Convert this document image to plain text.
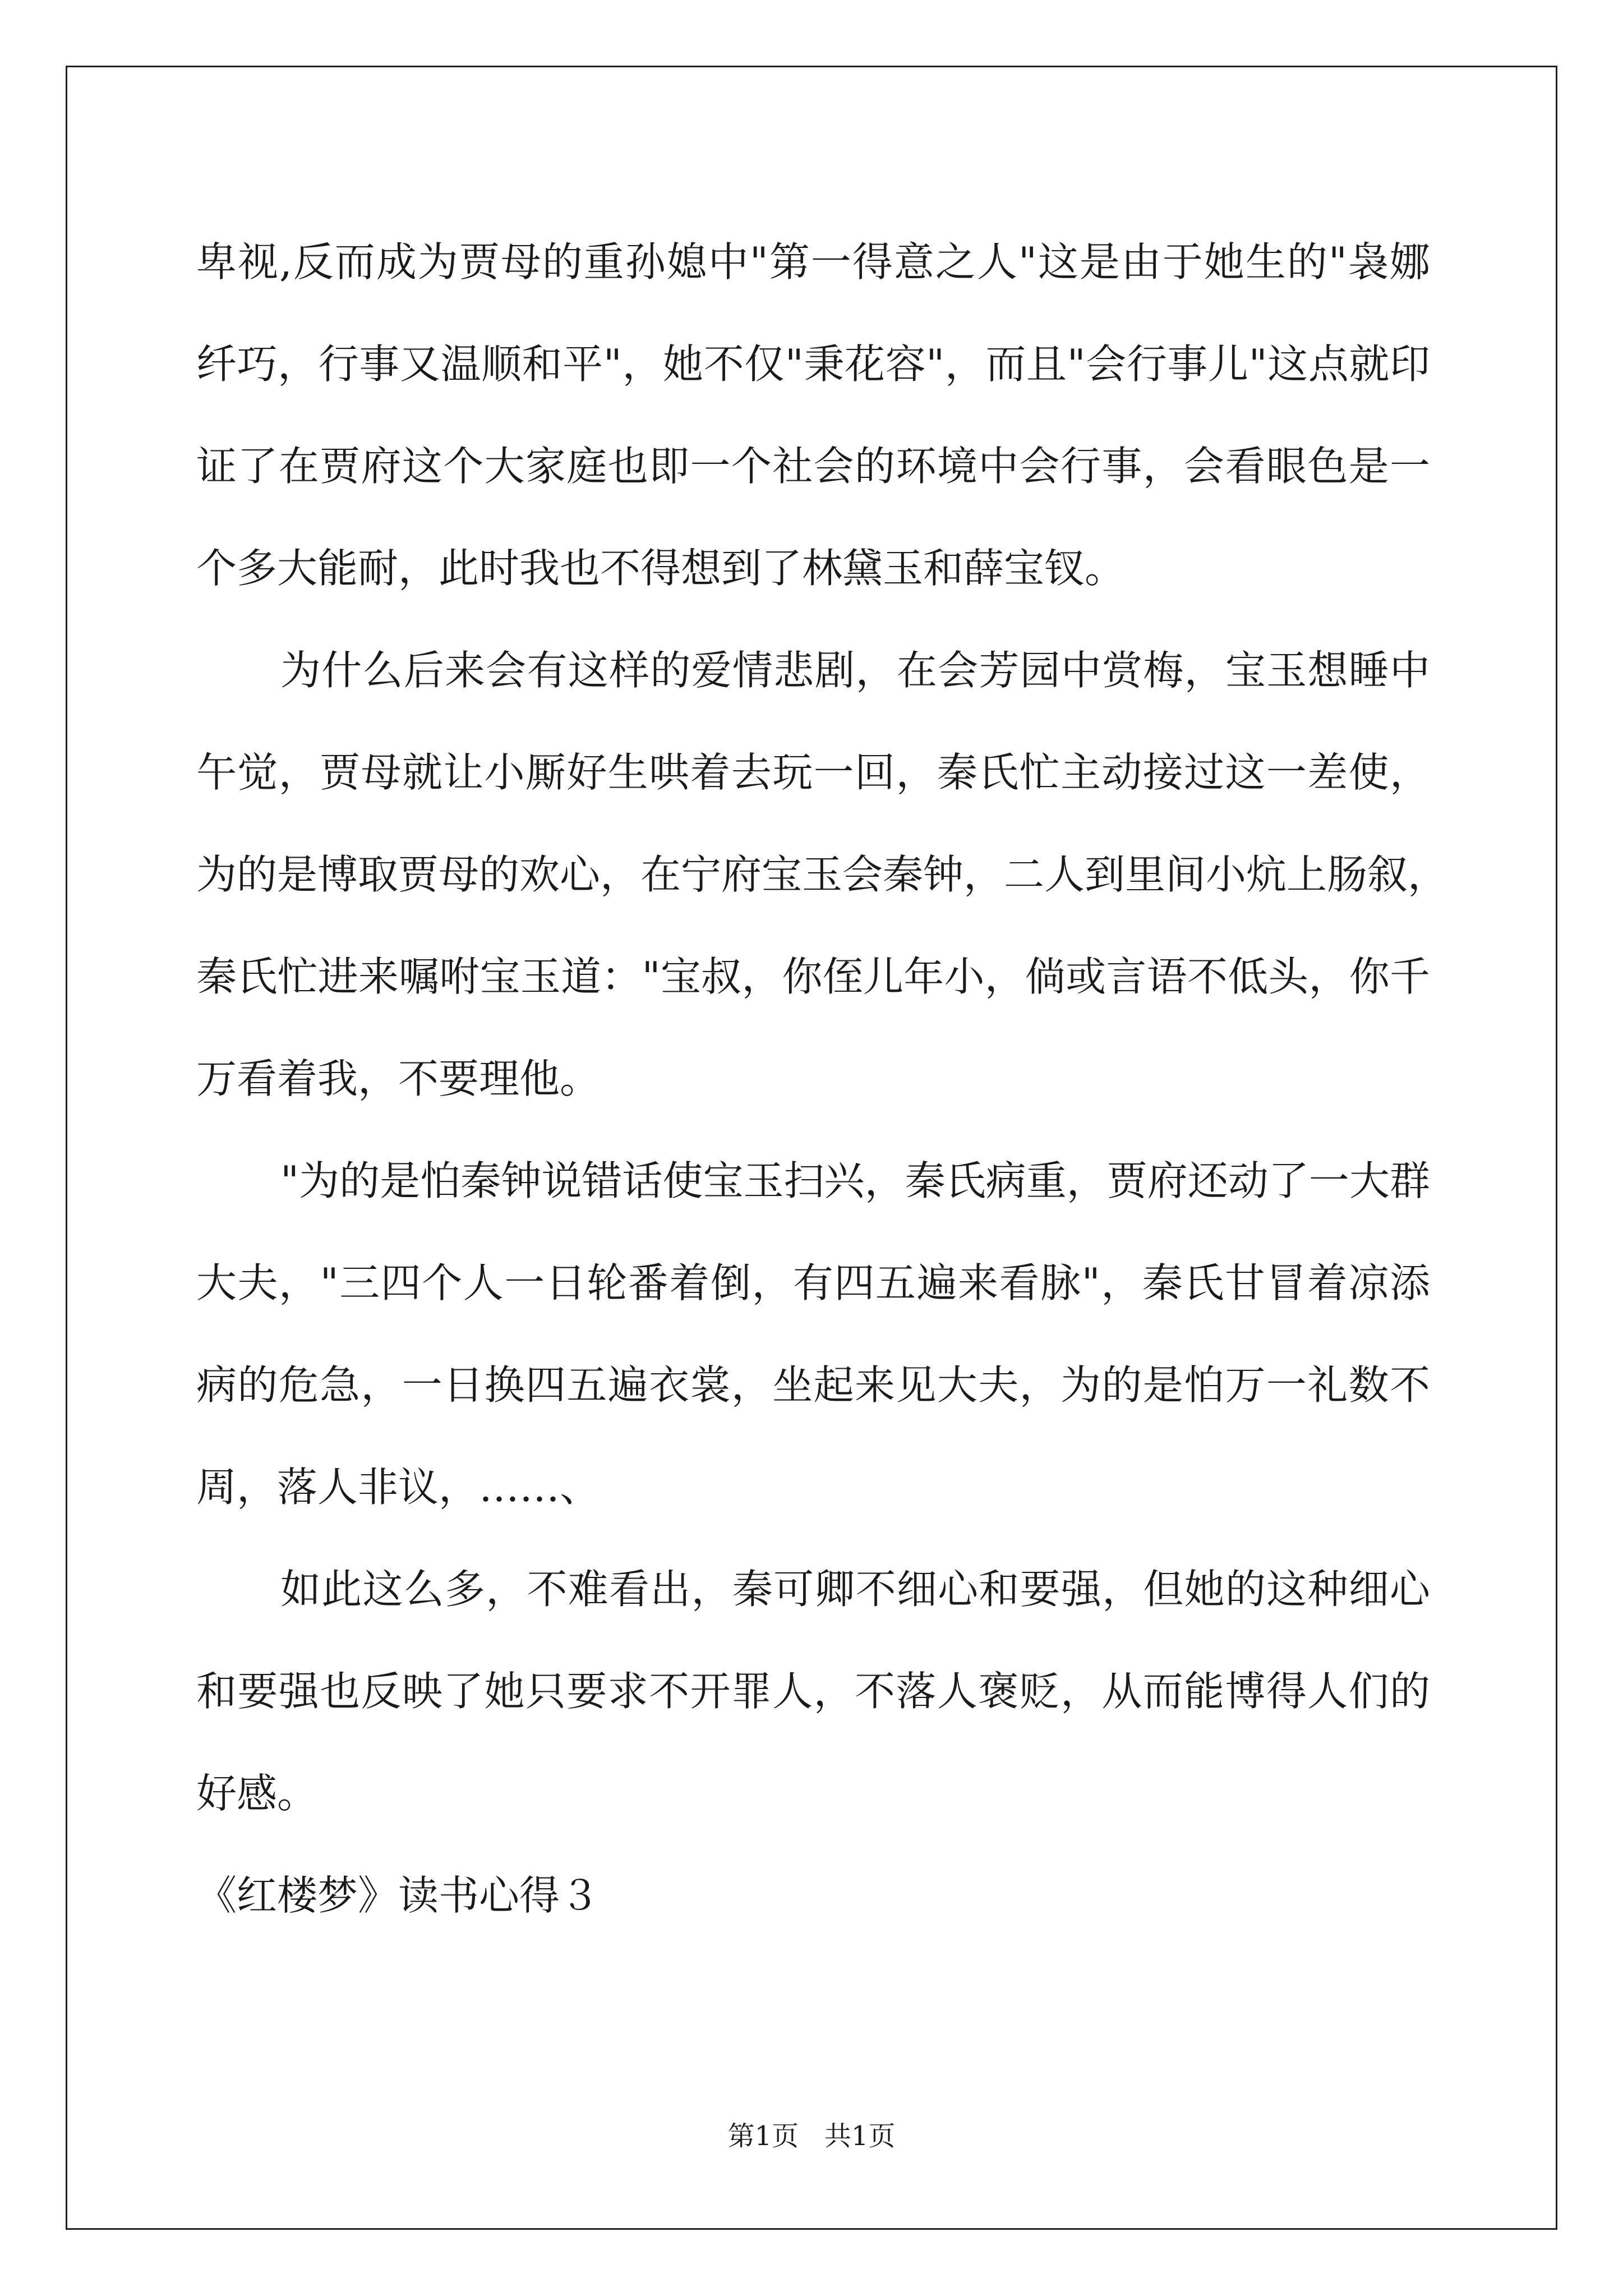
卑视,反而成为贾母的重孙媳中"第一得意之人"这是由于她生的"袅娜
纤巧，行事又温顺和平"，她不仅"秉花容"，而且"会行事儿"这点就印
证了在贾府这个大家庭也即一个社会的环境中会行事，会看眼色是一
个多大能耐，此时我也不得想到了林黛玉和薛宝钗。
为什么后来会有这样的爱情悲剧，在会芳园中赏梅，宝玉想睡中
午觉，贾母就让小厮好生哄着去玩一回，秦氏忙主动接过这一差使，
为的是博取贾母的欢心，在宁府宝玉会秦钟，二人到里间小炕上肠叙，
秦氏忙进来嘱咐宝玉道："宝叔，你侄儿年小，倘或言语不低头，你千
万看着我，不要理他。
"为的是怕秦钟说错话使宝玉扫兴，秦氏病重，贾府还动了一大群
大夫，"三四个人一日轮番着倒，有四五遍来看脉"，秦氏甘冒着凉添
病的危急，一日换四五遍衣裳，坐起来见大夫，为的是怕万一礼数不
周，落人非议，……、
如此这么多，不难看出，秦可卿不细心和要强，但她的这种细心
和要强也反映了她只要求不开罪人，不落人褒贬，从而能博得人们的
好感。
《红楼梦》读书心得３
第1页 共1页
